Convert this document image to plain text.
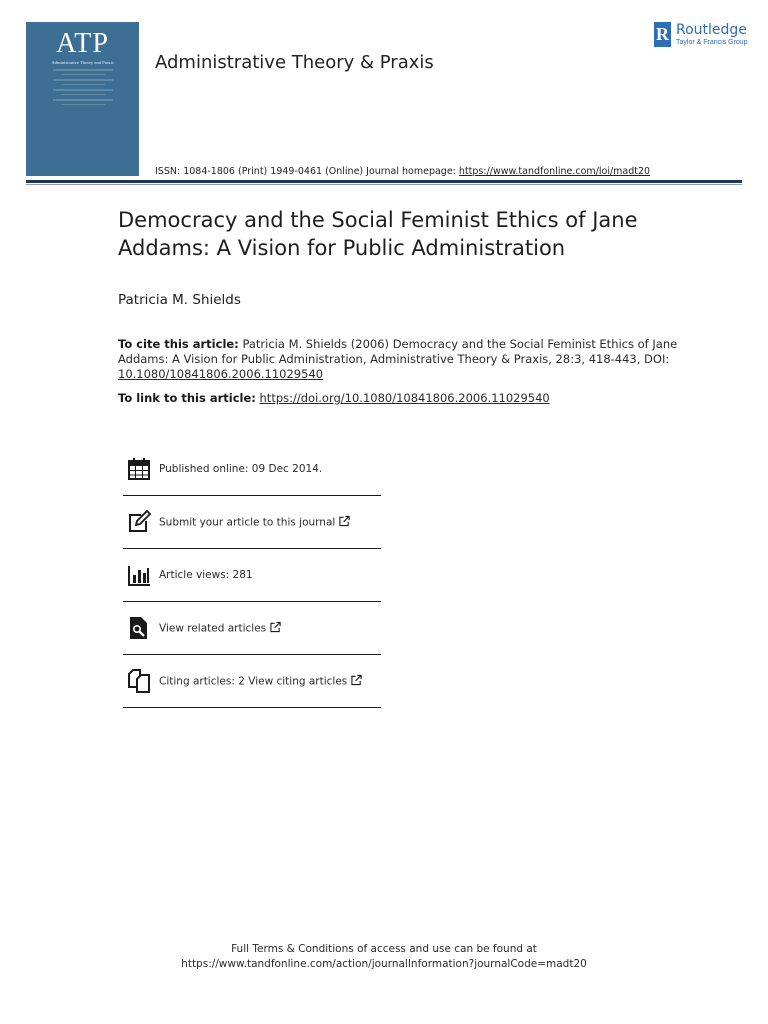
ATP
Administrative Theory and Praxis	Administrative Theory & Praxis
R Routledge
Taylor & Francis Group
ISSN: 1084-1806 (Print) 1949-0461 (Online) Journal homepage: https://www.tandfonline.com/loi/madt20
Democracy and the Social Feminist Ethics of Jane Addams: A Vision for Public Administration
Patricia M. Shields
To cite this article: Patricia M. Shields (2006) Democracy and the Social Feminist Ethics of Jane Addams: A Vision for Public Administration, Administrative Theory & Praxis, 28:3, 418-443, DOI: 10.1080/10841806.2006.11029540
To link to this article: https://doi.org/10.1080/10841806.2006.11029540
Published online: 09 Dec 2014.
Submit your article to this journal
Article views: 281
View related articles
Citing articles: 2 View citing articles
Full Terms & Conditions of access and use can be found at
https://www.tandfonline.com/action/journalInformation?journalCode=madt20
